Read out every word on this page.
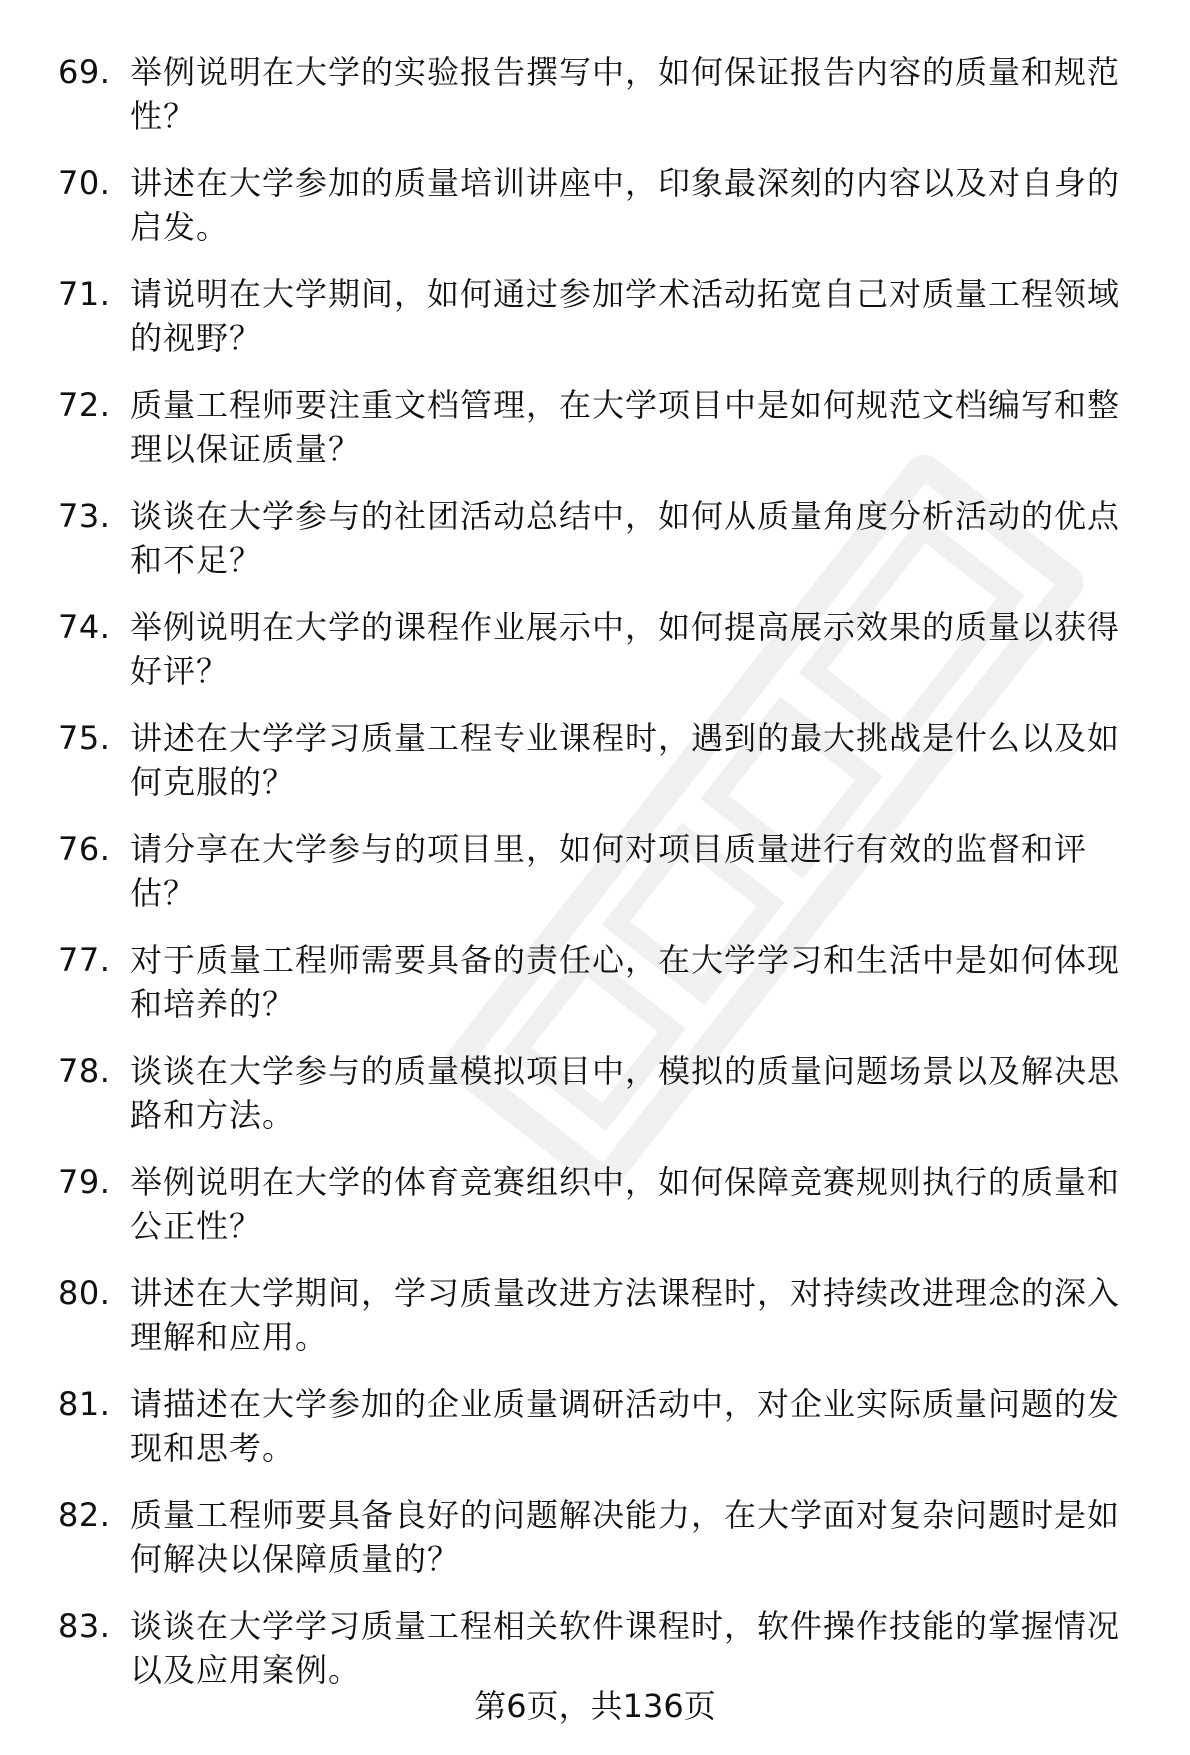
69. 举例说明在大学的实验报告撰写中，如何保证报告内容的质量和规范性？
70. 讲述在大学参加的质量培训讲座中，印象最深刻的内容以及对自身的启发。
71. 请说明在大学期间，如何通过参加学术活动拓宽自己对质量工程领域的视野？
72. 质量工程师要注重文档管理，在大学项目中是如何规范文档编写和整理以保证质量？
73. 谈谈在大学参与的社团活动总结中，如何从质量角度分析活动的优点和不足？
74. 举例说明在大学的课程作业展示中，如何提高展示效果的质量以获得好评？
75. 讲述在大学学习质量工程专业课程时，遇到的最大挑战是什么以及如何克服的？
76. 请分享在大学参与的项目里，如何对项目质量进行有效的监督和评估？
77. 对于质量工程师需要具备的责任心，在大学学习和生活中是如何体现和培养的？
78. 谈谈在大学参与的质量模拟项目中，模拟的质量问题场景以及解决思路和方法。
79. 举例说明在大学的体育竞赛组织中，如何保障竞赛规则执行的质量和公正性？
80. 讲述在大学期间，学习质量改进方法课程时，对持续改进理念的深入理解和应用。
81. 请描述在大学参加的企业质量调研活动中，对企业实际质量问题的发现和思考。
82. 质量工程师要具备良好的问题解决能力，在大学面对复杂问题时是如何解决以保障质量的？
83. 谈谈在大学学习质量工程相关软件课程时，软件操作技能的掌握情况以及应用案例。
第6页，共136页
